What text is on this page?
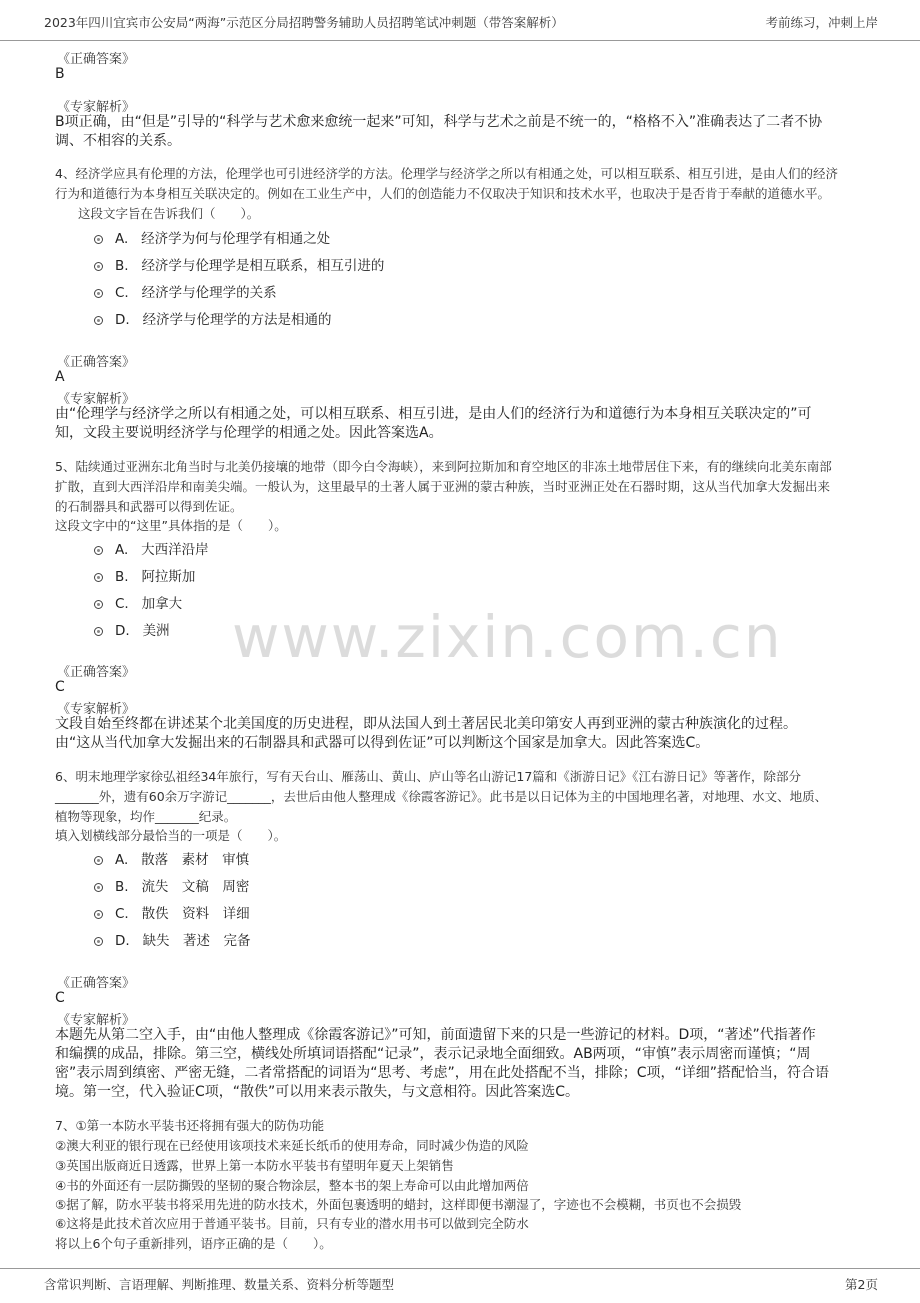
2023年四川宜宾市公安局“两海”示范区分局招聘警务辅助人员招聘笔试冲刺题（带答案解析）	考前练习，冲刺上岸
www.zixin.com.cn
《正确答案》
B
《专家解析》
B项正确，由“但是”引导的“科学与艺术愈来愈统一起来”可知，科学与艺术之前是不统一的，“格格不入”准确表达了二者不协
调、不相容的关系。
4、经济学应具有伦理的方法，伦理学也可引进经济学的方法。伦理学与经济学之所以有相通之处，可以相互联系、相互引进，是由人们的经济
行为和道德行为本身相互关联决定的。例如在工业生产中，人们的创造能力不仅取决于知识和技术水平，也取决于是否肯于奉献的道德水平。
这段文字旨在告诉我们（　　）。
A. 经济学为何与伦理学有相通之处
B. 经济学与伦理学是相互联系，相互引进的
C. 经济学与伦理学的关系
D. 经济学与伦理学的方法是相通的
《正确答案》
A
《专家解析》
由“伦理学与经济学之所以有相通之处，可以相互联系、相互引进，是由人们的经济行为和道德行为本身相互关联决定的”可
知，文段主要说明经济学与伦理学的相通之处。因此答案选A。
5、陆续通过亚洲东北角当时与北美仍接壤的地带（即今白令海峡），来到阿拉斯加和育空地区的非冻土地带居住下来，有的继续向北美东南部
扩散，直到大西洋沿岸和南美尖端。一般认为，这里最早的土著人属于亚洲的蒙古种族，当时亚洲正处在石器时期，这从当代加拿大发掘出来
的石制器具和武器可以得到佐证。
这段文字中的“这里”具体指的是（　　）。
A. 大西洋沿岸
B. 阿拉斯加
C. 加拿大
D. 美洲
《正确答案》
C
《专家解析》
文段自始至终都在讲述某个北美国度的历史进程，即从法国人到土著居民北美印第安人再到亚洲的蒙古种族演化的过程。
由“这从当代加拿大发掘出来的石制器具和武器可以得到佐证”可以判断这个国家是加拿大。因此答案选C。
6、明末地理学家徐弘祖经34年旅行，写有天台山、雁荡山、黄山、庐山等名山游记17篇和《浙游日记》《江右游日记》等著作，除部分
_______外，遗有60余万字游记_______，去世后由他人整理成《徐霞客游记》。此书是以日记体为主的中国地理名著，对地理、水文、地质、
植物等现象，均作_______纪录。
填入划横线部分最恰当的一项是（　　）。
A. 散落　素材　审慎
B. 流失　文稿　周密
C. 散佚　资料　详细
D. 缺失　著述　完备
《正确答案》
C
《专家解析》
本题先从第二空入手，由“由他人整理成《徐霞客游记》”可知，前面遗留下来的只是一些游记的材料。D项，“著述”代指著作
和编撰的成品，排除。第三空，横线处所填词语搭配“记录”，表示记录地全面细致。AB两项，“审慎”表示周密而谨慎；“周
密”表示周到缜密、严密无缝，二者常搭配的词语为“思考、考虑”，用在此处搭配不当，排除；C项，“详细”搭配恰当，符合语
境。第一空，代入验证C项，“散佚”可以用来表示散失，与文意相符。因此答案选C。
7、①第一本防水平装书还将拥有强大的防伪功能
②澳大利亚的银行现在已经使用该项技术来延长纸币的使用寿命，同时减少伪造的风险
③英国出版商近日透露，世界上第一本防水平装书有望明年夏天上架销售
④书的外面还有一层防撕毁的坚韧的聚合物涂层，整本书的架上寿命可以由此增加两倍
⑤据了解，防水平装书将采用先进的防水技术，外面包裹透明的蜡封，这样即便书潮湿了，字迹也不会模糊，书页也不会损毁
⑥这将是此技术首次应用于普通平装书。目前，只有专业的潜水用书可以做到完全防水
将以上6个句子重新排列，语序正确的是（　　）。
含常识判断、言语理解、判断推理、数量关系、资料分析等题型	第2页
